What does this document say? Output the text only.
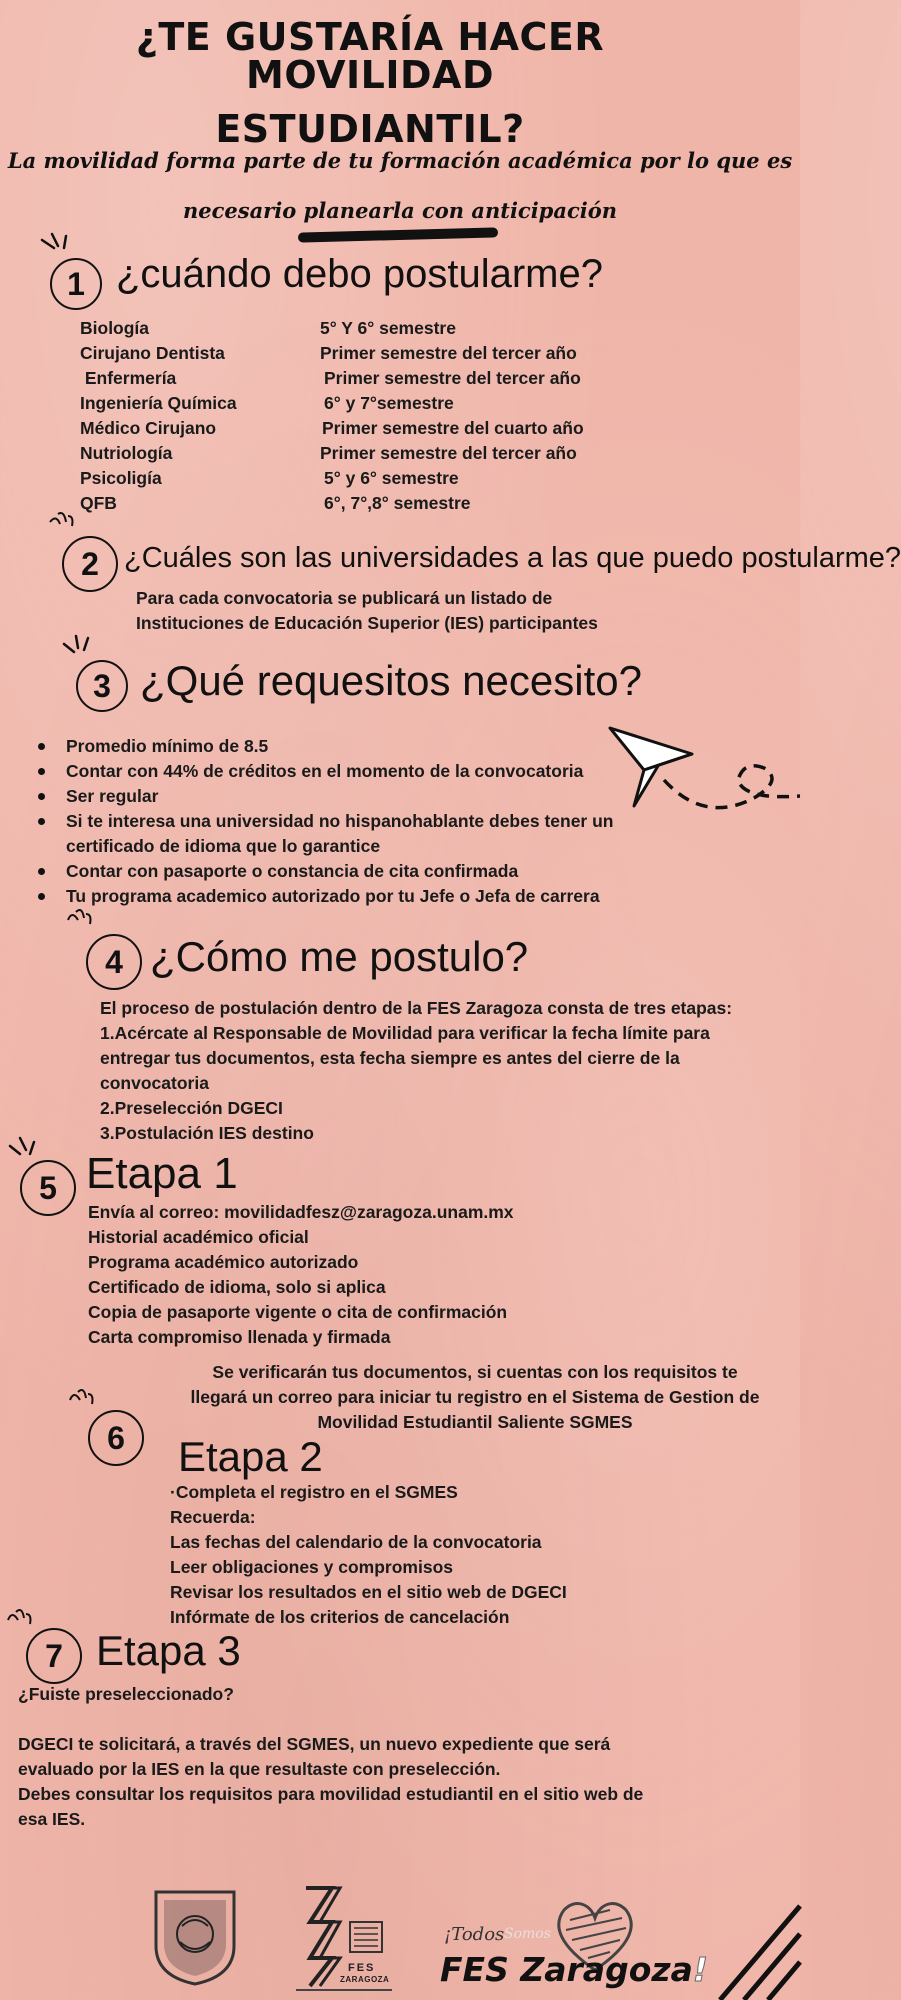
¿TE GUSTARÍA HACER MOVILIDAD
ESTUDIANTIL?
La movilidad forma parte de tu formación académica por lo que es
necesario planearla con anticipación
1 ¿cuándo debo postularme?
Biología	5° Y 6° semestre
Cirujano Dentista	Primer semestre del tercer año
Enfermería	Primer semestre del tercer año
Ingeniería Química	6° y 7°semestre
Médico Cirujano	Primer semestre del cuarto año
Nutriología	Primer semestre del tercer año
Psicoligía	5° y 6° semestre
QFB	6°, 7°,8° semestre
2 ¿Cuáles son las universidades a las que puedo postularme?
Para cada convocatoria se publicará un listado de
Instituciones de Educación Superior (IES) participantes
3 ¿Qué requesitos necesito?
Promedio mínimo de 8.5
Contar con 44% de créditos en el momento de la convocatoria
Ser regular
Si te interesa una universidad no hispanohablante debes tener un certificado de idioma que lo garantice
Contar con pasaporte o constancia de cita confirmada
Tu programa academico autorizado por tu Jefe o Jefa de carrera
4 ¿Cómo me postulo?
El proceso de postulación dentro de la FES Zaragoza consta de tres etapas:
1.Acércate al Responsable de Movilidad para verificar la fecha límite para
entregar tus documentos, esta fecha siempre es antes del cierre de la
convocatoria
2.Preselección DGECI
3.Postulación IES destino
5 Etapa 1
Envía al correo: movilidadfesz@zaragoza.unam.mx
Historial académico oficial
Programa académico autorizado
Certificado de idioma, solo si aplica
Copia de pasaporte vigente o cita de confirmación
Carta compromiso llenada y firmada
Se verificarán tus documentos, si cuentas con los requisitos te
llegará un correo para iniciar tu registro en el Sistema de Gestion de
Movilidad Estudiantil Saliente SGMES
6	Etapa 2
·Completa el registro en el SGMES
Recuerda:
Las fechas del calendario de la convocatoria
Leer obligaciones y compromisos
Revisar los resultados en el sitio web de DGECI
Infórmate de los criterios de cancelación
7 Etapa 3
¿Fuiste preseleccionado?
DGECI te solicitará, a través del SGMES, un nuevo expediente que será
evaluado por la IES en la que resultaste con preselección.
Debes consultar los requisitos para movilidad estudiantil en el sitio web de
esa IES.
FES
ZARAGOZA
¡Todos Somos
FES Zaragoza!
